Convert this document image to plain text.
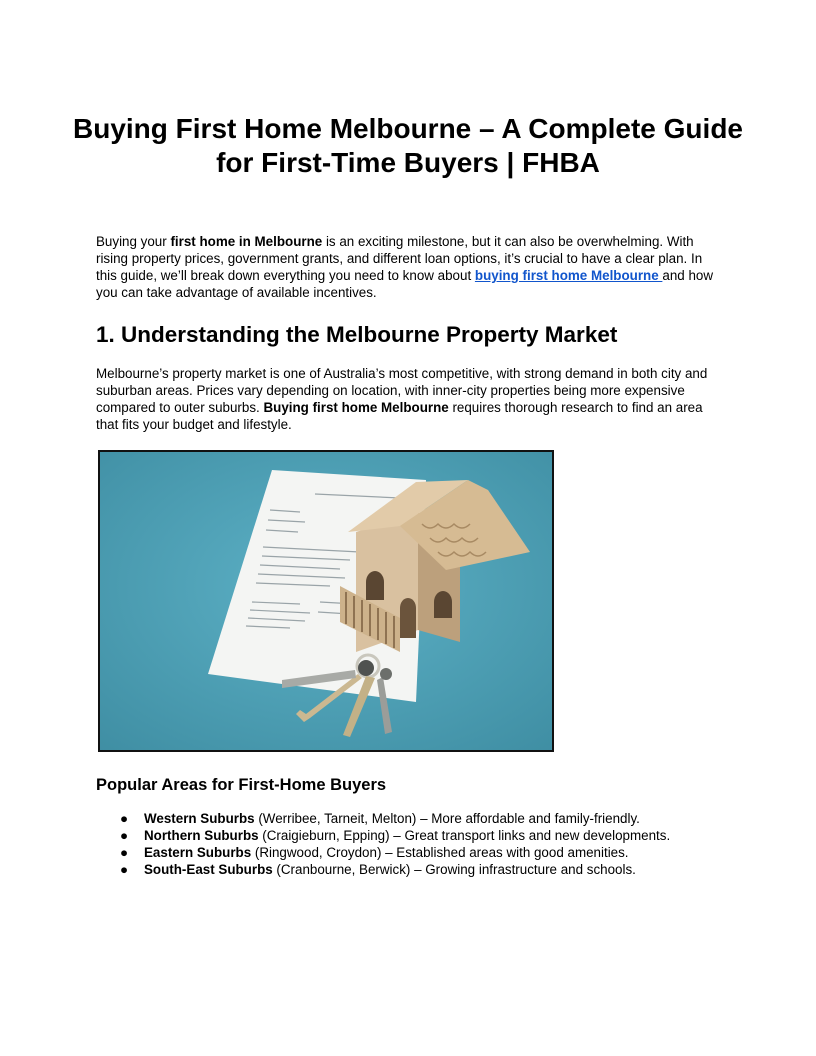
Buying First Home Melbourne – A Complete Guide for First-Time Buyers | FHBA

Buying your first home in Melbourne is an exciting milestone, but it can also be overwhelming. With rising property prices, government grants, and different loan options, it’s crucial to have a clear plan. In this guide, we’ll break down everything you need to know about buying first home Melbourne and how you can take advantage of available incentives.

1. Understanding the Melbourne Property Market

Melbourne’s property market is one of Australia’s most competitive, with strong demand in both city and suburban areas. Prices vary depending on location, with inner-city properties being more expensive compared to outer suburbs. Buying first home Melbourne requires thorough research to find an area that fits your budget and lifestyle.

Popular Areas for First-Home Buyers
● Western Suburbs (Werribee, Tarneit, Melton) – More affordable and family-friendly.
● Northern Suburbs (Craigieburn, Epping) – Great transport links and new developments.
● Eastern Suburbs (Ringwood, Croydon) – Established areas with good amenities.
● South-East Suburbs (Cranbourne, Berwick) – Growing infrastructure and schools.
